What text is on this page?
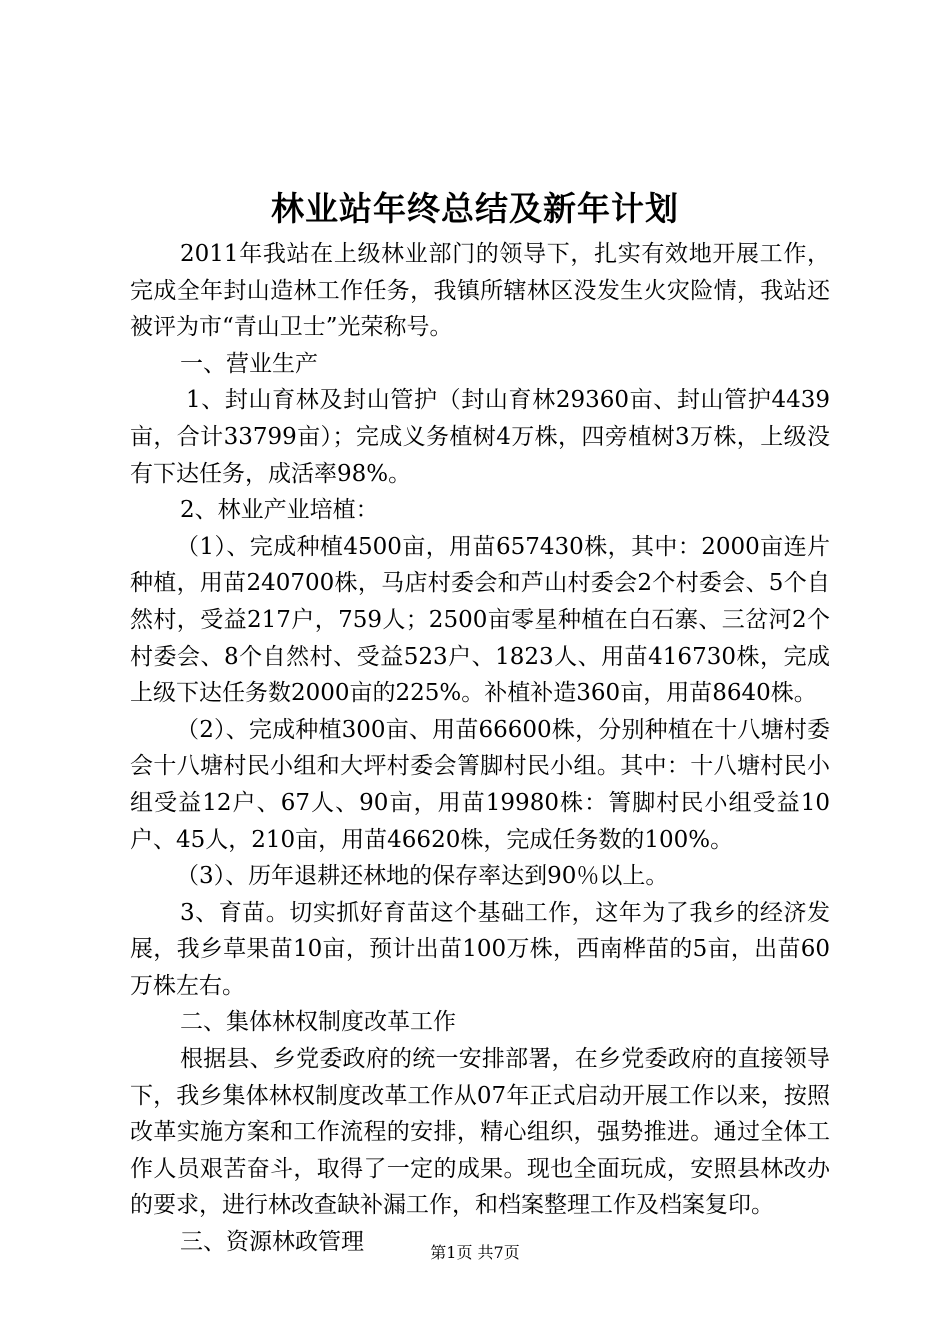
林业站年终总结及新年计划

2011年我站在上级林业部门的领导下，扎实有效地开展工作，完成全年封山造林工作任务，我镇所辖林区没发生火灾险情，我站还被评为市“青山卫士”光荣称号。

一、营业生产

1、封山育林及封山管护（封山育林29360亩、封山管护4439亩，合计33799亩）；完成义务植树4万株，四旁植树3万株，上级没有下达任务，成活率98%。

2、林业产业培植：

（1）、完成种植4500亩，用苗657430株，其中：2000亩连片种植，用苗240700株，马店村委会和芦山村委会2个村委会、5个自然村，受益217户，759人；2500亩零星种植在白石寨、三岔河2个村委会、8个自然村、受益523户、1823人、用苗416730株，完成上级下达任务数2000亩的225%。补植补造360亩，用苗8640株。

（2）、完成种植300亩、用苗66600株，分别种植在十八塘村委会十八塘村民小组和大坪村委会箐脚村民小组。其中：十八塘村民小组受益12户、67人、90亩，用苗19980株：箐脚村民小组受益10户、45人，210亩，用苗46620株，完成任务数的100%。

（3）、历年退耕还林地的保存率达到90％以上。

3、育苗。切实抓好育苗这个基础工作，这年为了我乡的经济发展，我乡草果苗10亩，预计出苗100万株，西南桦苗的5亩，出苗60万株左右。

二、集体林权制度改革工作

根据县、乡党委政府的统一安排部署，在乡党委政府的直接领导下，我乡集体林权制度改革工作从07年正式启动开展工作以来，按照改革实施方案和工作流程的安排，精心组织，强势推进。通过全体工作人员艰苦奋斗，取得了一定的成果。现也全面玩成，安照县林改办的要求，进行林改查缺补漏工作，和档案整理工作及档案复印。

三、资源林政管理	第1页 共7页
